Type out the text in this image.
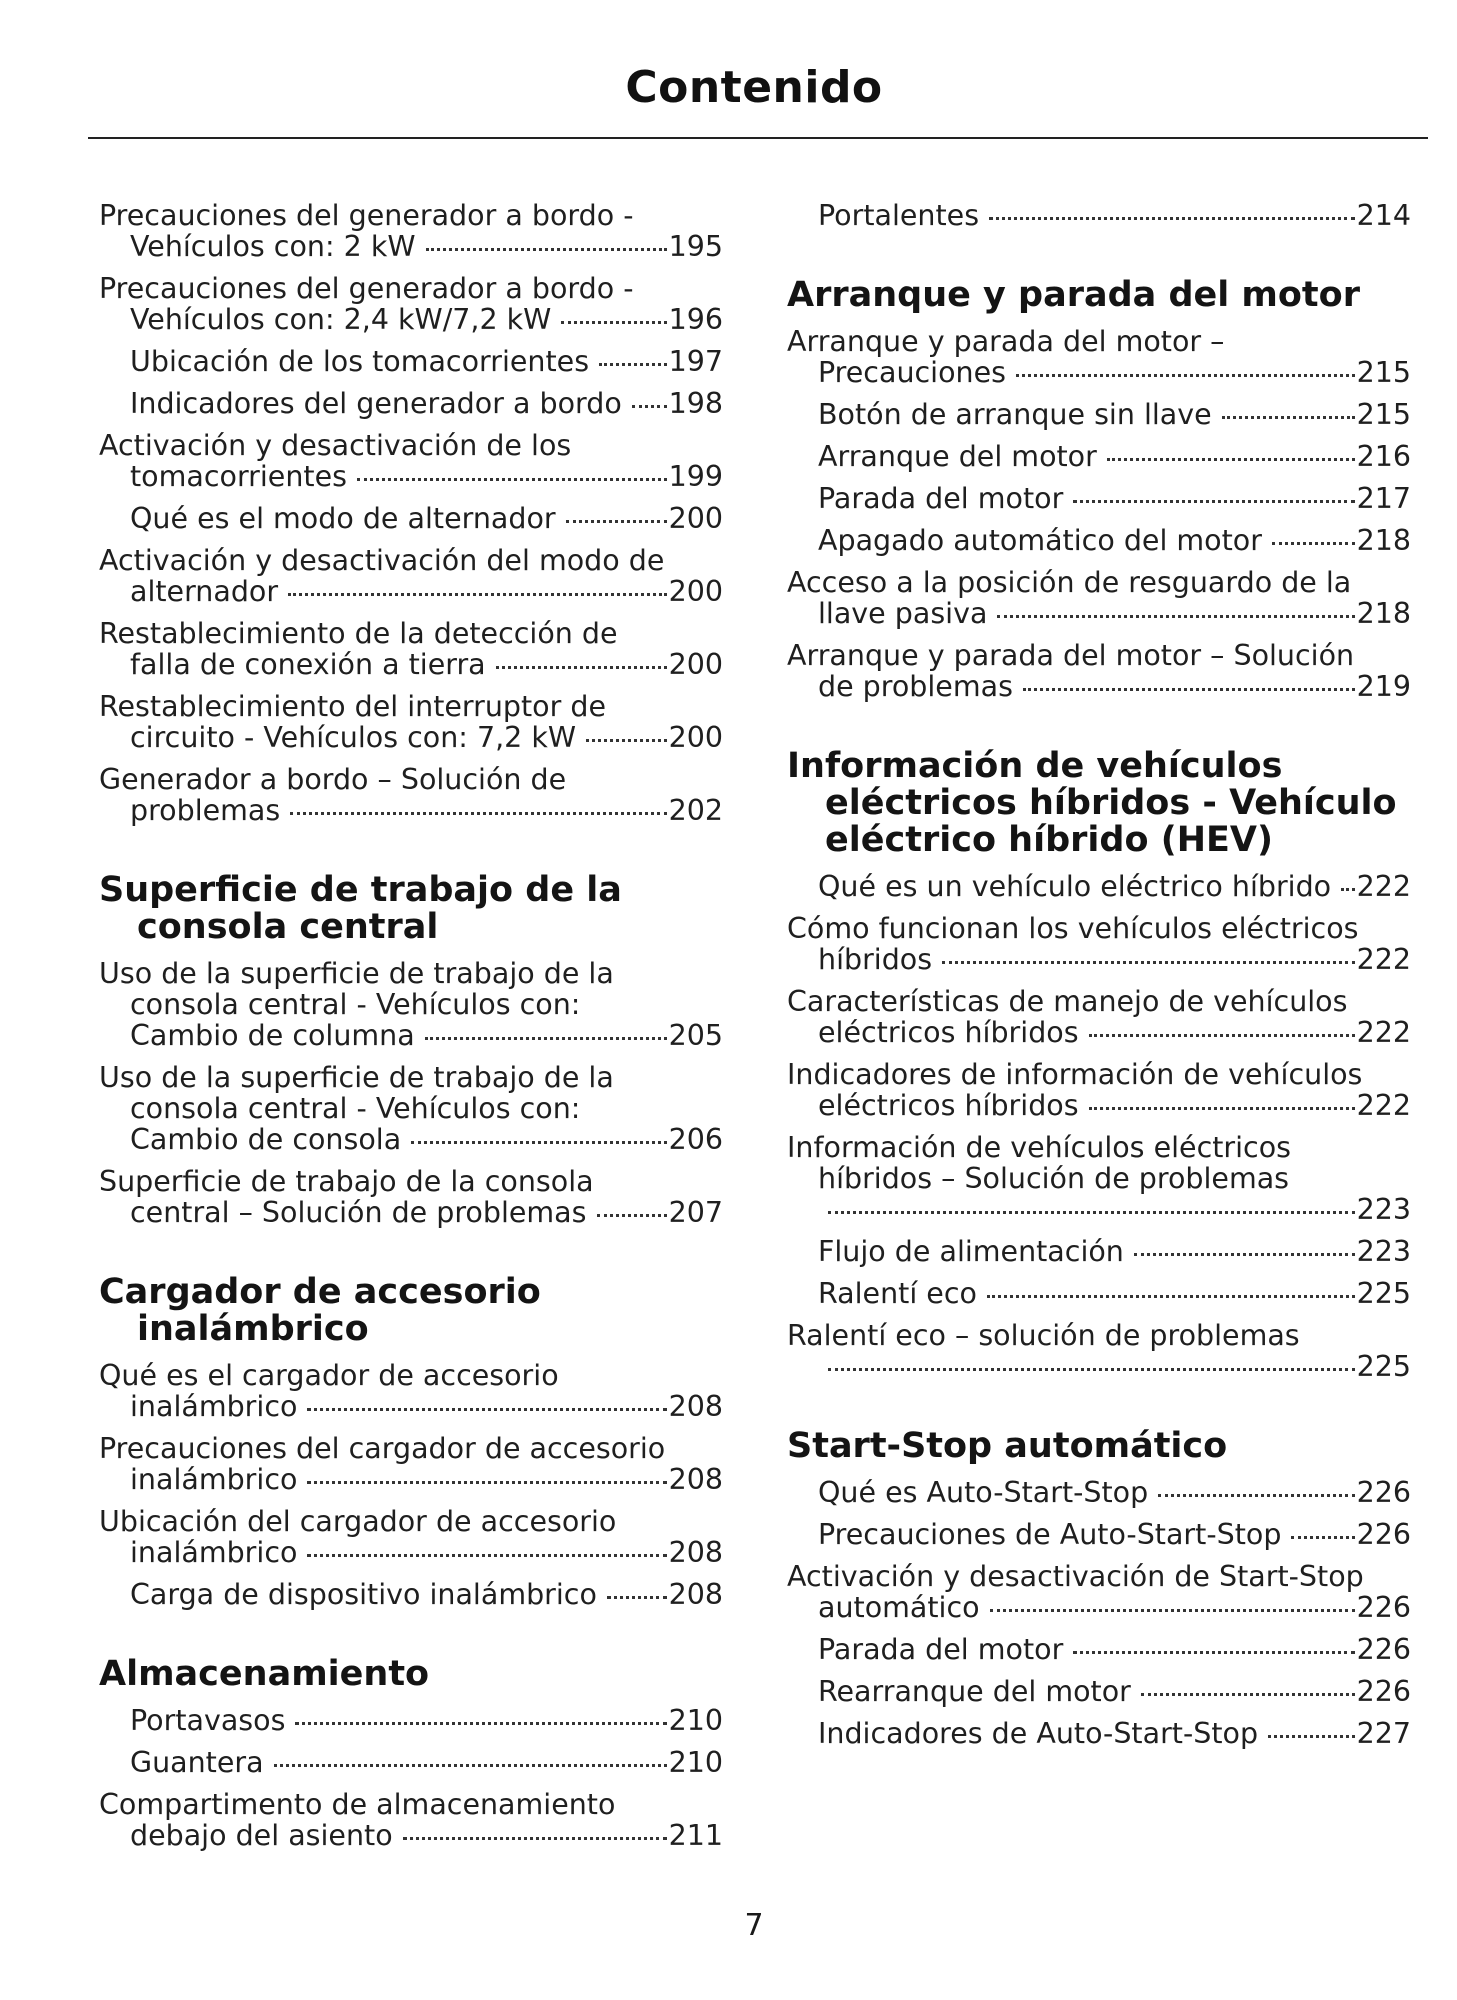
Contenido
Precauciones del generador a bordo -
Vehículos con: 2 kW	195
Precauciones del generador a bordo -
Vehículos con: 2,4 kW/7,2 kW	196
Ubicación de los tomacorrientes	197
Indicadores del generador a bordo 198
Activación y desactivación de los
tomacorrientes	199
Qué es el modo de alternador	200
Activación y desactivación del modo de
alternador	200
Restablecimiento de la detección de
falla de conexión a tierra	200
Restablecimiento del interruptor de
circuito - Vehículos con: 7,2 kW	200
Generador a bordo – Solución de
problemas	202
Superficie de trabajo de la consola central
Uso de la superficie de trabajo de la consola central - Vehículos con:
Cambio de columna	205
Uso de la superficie de trabajo de la consola central - Vehículos con:
Cambio de consola	206
Superficie de trabajo de la consola
central – Solución de problemas	207
Cargador de accesorio inalámbrico
Qué es el cargador de accesorio
inalámbrico	208
Precauciones del cargador de accesorio
inalámbrico	208
Ubicación del cargador de accesorio
inalámbrico	208
Carga de dispositivo inalámbrico	208
Almacenamiento
Portavasos	210
Guantera	210
Compartimento de almacenamiento
debajo del asiento	211
Portalentes	214
Arranque y parada del motor
Arranque y parada del motor –
Precauciones	215
Botón de arranque sin llave	215
Arranque del motor	216
Parada del motor	217
Apagado automático del motor	218
Acceso a la posición de resguardo de la
llave pasiva	218
Arranque y parada del motor – Solución
de problemas	219
Información de vehículos eléctricos híbridos - Vehículo eléctrico híbrido (HEV)
Qué es un vehículo eléctrico híbrido 222
Cómo funcionan los vehículos eléctricos
híbridos	222
Características de manejo de vehículos
eléctricos híbridos	222
Indicadores de información de vehículos
eléctricos híbridos	222
Información de vehículos eléctricos híbridos – Solución de problemas
223
Flujo de alimentación	223
Ralentí eco	225
Ralentí eco – solución de problemas
225
Start-Stop automático
Qué es Auto-Start-Stop	226
Precauciones de Auto-Start-Stop	226
Activación y desactivación de Start-Stop
automático	226
Parada del motor	226
Rearranque del motor	226
Indicadores de Auto-Start-Stop	227
7
